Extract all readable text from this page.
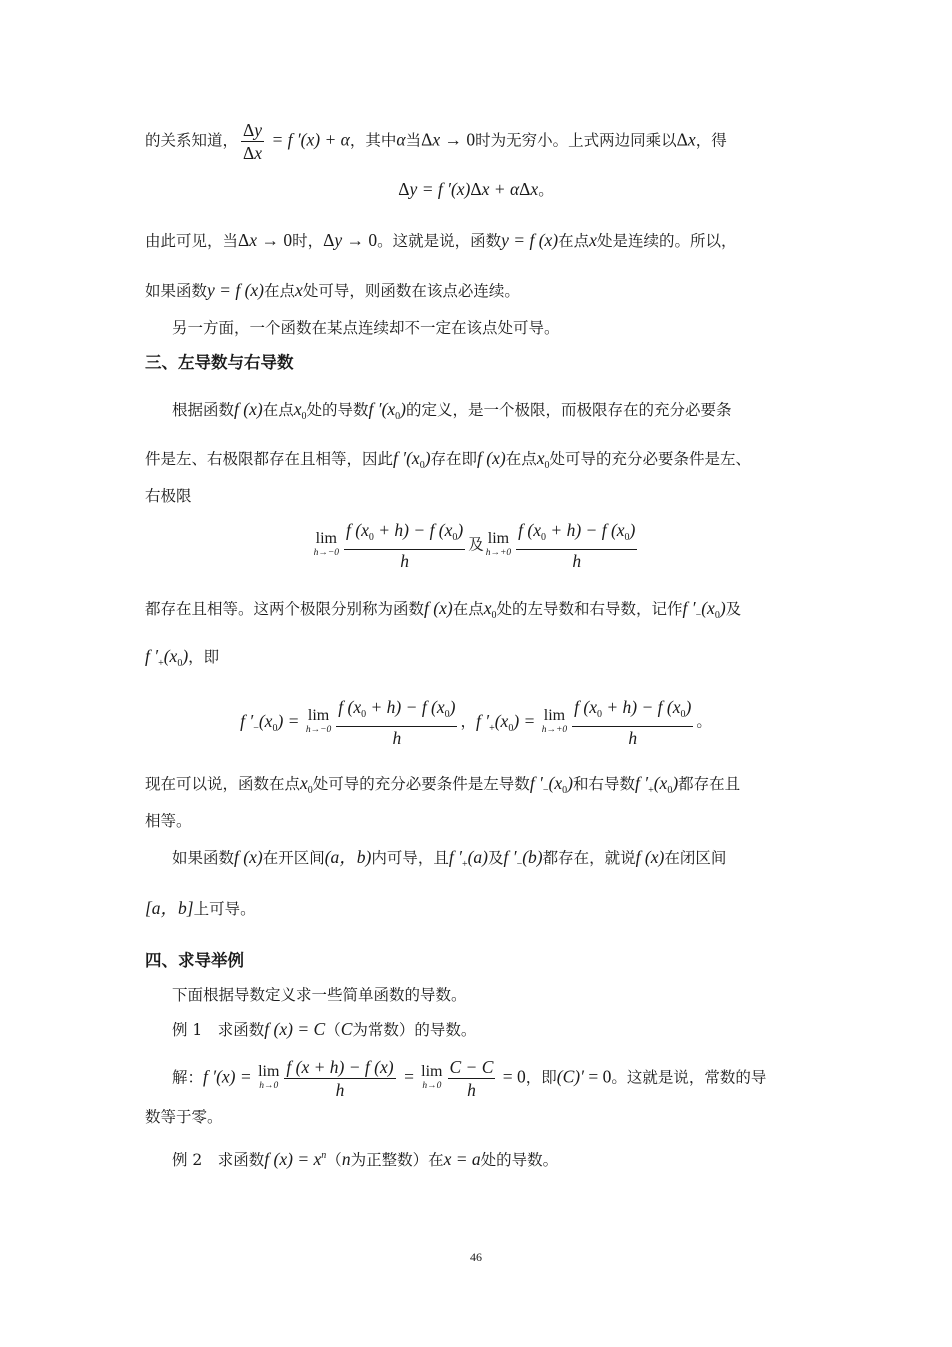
的关系知道， $\frac{\Delta y}{\Delta x} = f$ ′(x) + α，其中α当Δx → 0时为无穷小。上式两边同乘以Δx，得
Δy = f ′(x)Δx + αΔx。
由此可见，当Δx → 0时，Δy → 0。这就是说，函数y = f (x)在点x处是连续的。所以，
如果函数y = f (x)在点x处可导，则函数在该点必连续。
另一方面，一个函数在某点连续却不一定在该点处可导。
三、左导数与右导数
根据函数f (x)在点$x_0$处的导数f $'(x_0)$的定义，是一个极限，而极限存在的充分必要条
件是左、右极限都存在且相等，因此f $'(x_0)$存在即f (x)在点$x_0$处可导的充分必要条件是左、
右极限
lim
$h\to-0 \frac{f (x_0 + h) - f (x_0)}{h}$ 及 lim
$h\to+0 \frac{f (x_0 + h) - f (x_0)}{h}$
都存在且相等。这两个极限分别称为函数f (x)在点$x_0$处的左导数和右导数，记作f $'_-(x_0)$及
f $'_+(x_0)$，即
f $'_-(x_0) = \lim$
$h\to-0 \frac{f (x_0 + h) - f (x_0)}{h}$ ，f $'_+(x_0) = \lim$
$h\to+0 \frac{f (x_0 + h) - f (x_0)}{h}$ 。
现在可以说，函数在点$x_0$处可导的充分必要条件是左导数f $'_-(x_0)$和右导数f $'_+(x_0)$都存在且
相等。
如果函数f (x)在开区间(a，b)内可导，且f $'_+(a)$及f $'_-(b)$都存在，就说f (x)在闭区间
[a，b]上可导。
四、求导举例
下面根据导数定义求一些简单函数的导数。
例 1　求函数f (x) = C（C为常数）的导数。
解：f ′(x) = lim
$h\to 0 \frac{f (x + h) - f (x)}{h} = \lim$
$h\to 0 \frac{C - C}{h} = 0$，即(C)′ = 0。这就是说，常数的导
数等于零。
例 2　求函数f $(x) = x^n(n$为正整数）在x = a处的导数。
46
